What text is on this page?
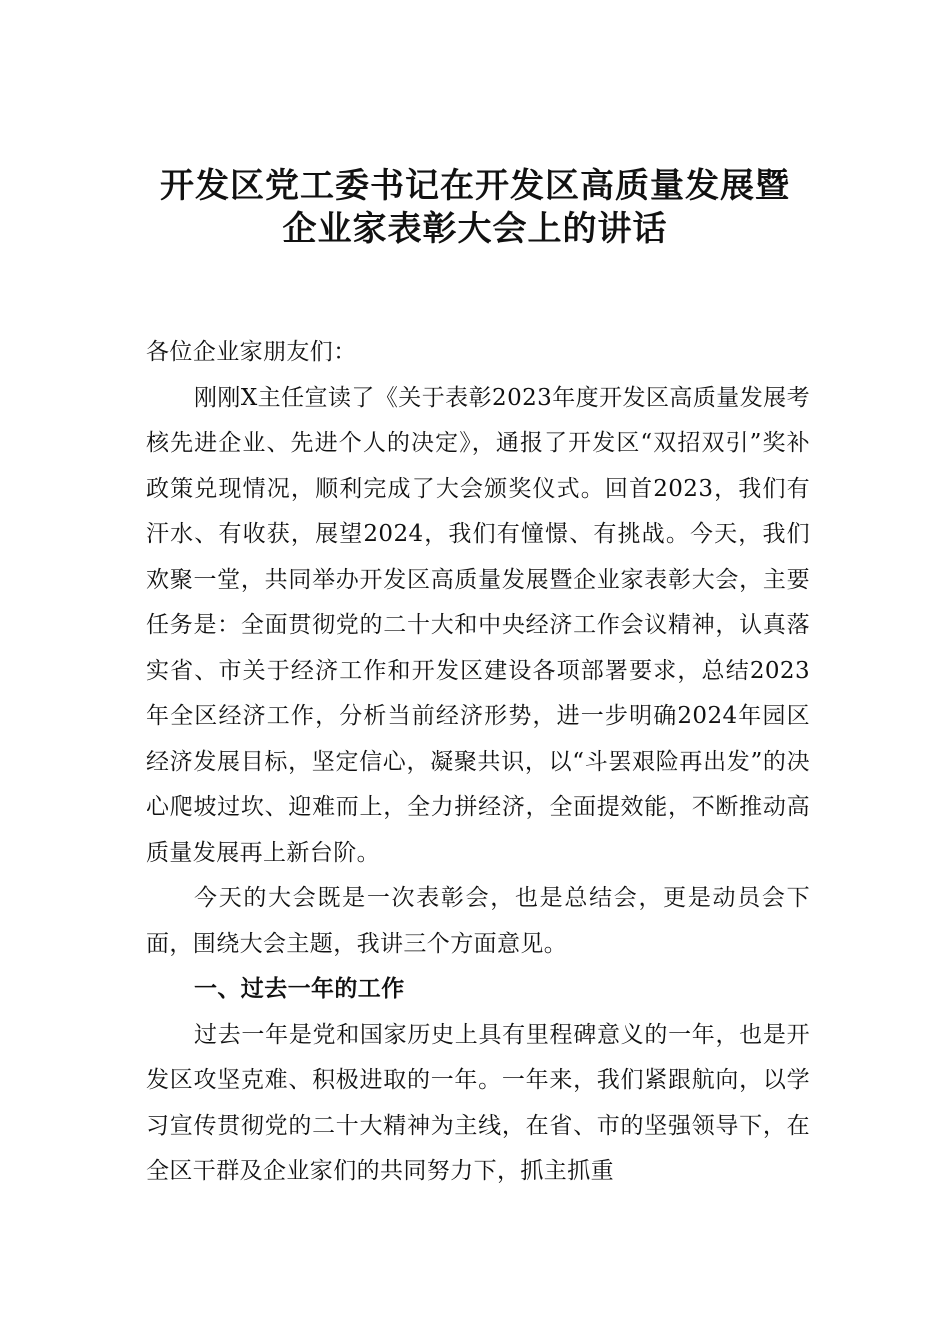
开发区党工委书记在开发区高质量发展暨
企业家表彰大会上的讲话

各位企业家朋友们：

刚刚X主任宣读了《关于表彰2023年度开发区高质量发展考核先进企业、先进个人的决定》，通报了开发区“双招双引”奖补政策兑现情况，顺利完成了大会颁奖仪式。回首2023，我们有汗水、有收获，展望2024，我们有憧憬、有挑战。今天，我们欢聚一堂，共同举办开发区高质量发展暨企业家表彰大会，主要任务是：全面贯彻党的二十大和中央经济工作会议精神，认真落实省、市关于经济工作和开发区建设各项部署要求，总结2023年全区经济工作，分析当前经济形势，进一步明确2024年园区经济发展目标，坚定信心，凝聚共识，以“斗罢艰险再出发”的决心爬坡过坎、迎难而上，全力拼经济，全面提效能，不断推动高质量发展再上新台阶。

今天的大会既是一次表彰会，也是总结会，更是动员会下面，围绕大会主题，我讲三个方面意见。

一、过去一年的工作

过去一年是党和国家历史上具有里程碑意义的一年，也是开发区攻坚克难、积极进取的一年。一年来，我们紧跟航向，以学习宣传贯彻党的二十大精神为主线，在省、市的坚强领导下，在全区干群及企业家们的共同努力下，抓主抓重
